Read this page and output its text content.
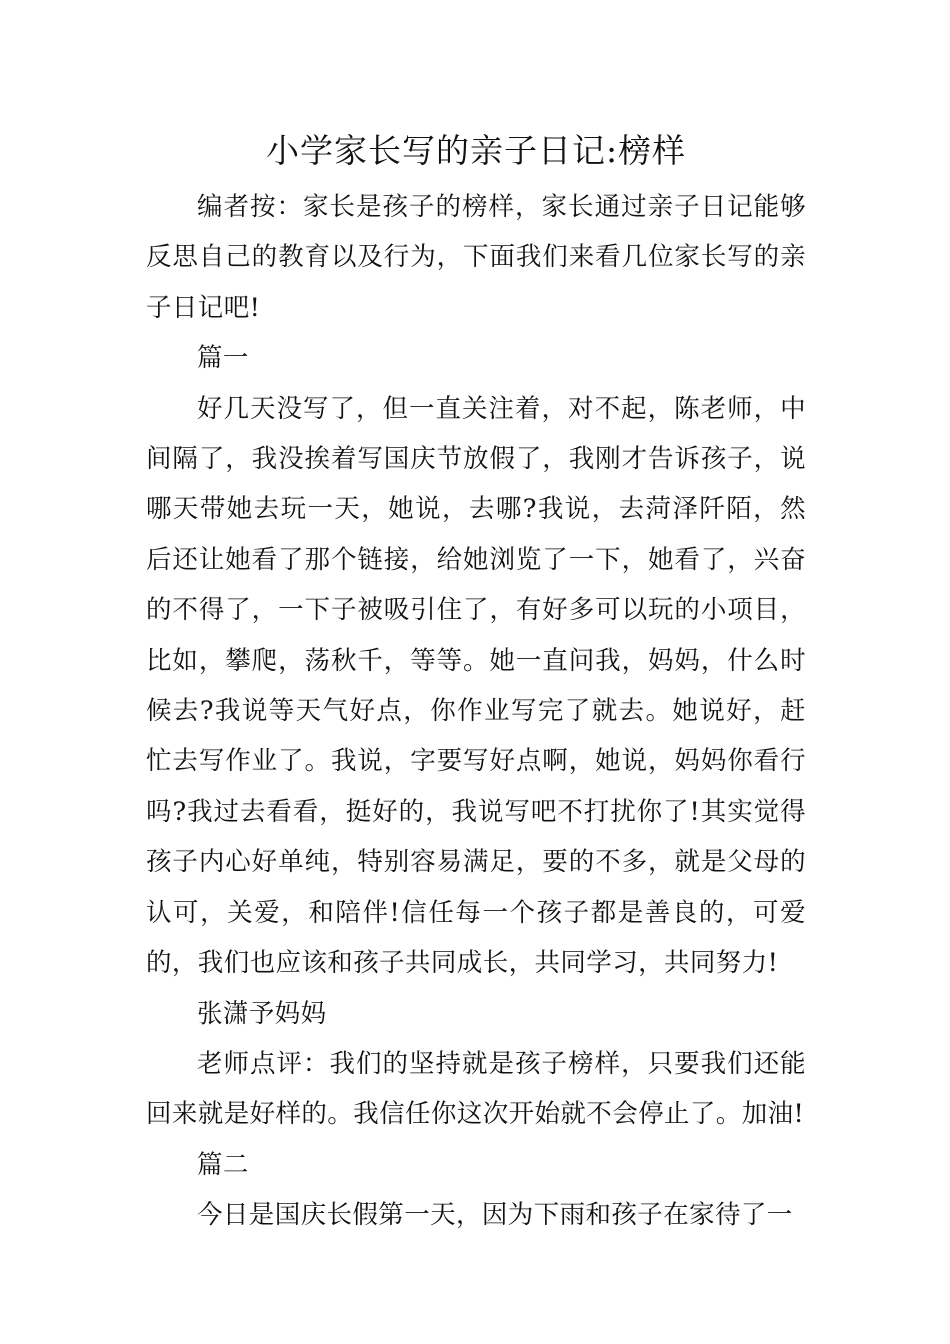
小学家长写的亲子日记:榜样

编者按：家长是孩子的榜样，家长通过亲子日记能够反思自己的教育以及行为，下面我们来看几位家长写的亲子日记吧!

篇一

好几天没写了，但一直关注着，对不起，陈老师，中间隔了，我没挨着写国庆节放假了，我刚才告诉孩子，说哪天带她去玩一天，她说，去哪?我说，去菏泽阡陌，然后还让她看了那个链接，给她浏览了一下，她看了，兴奋的不得了，一下子被吸引住了，有好多可以玩的小项目，比如，攀爬，荡秋千，等等。她一直问我，妈妈，什么时候去?我说等天气好点，你作业写完了就去。她说好，赶忙去写作业了。我说，字要写好点啊，她说，妈妈你看行吗?我过去看看，挺好的，我说写吧不打扰你了!其实觉得孩子内心好单纯，特别容易满足，要的不多，就是父母的认可，关爱，和陪伴!信任每一个孩子都是善良的，可爱的，我们也应该和孩子共同成长，共同学习，共同努力!

张潇予妈妈

老师点评：我们的坚持就是孩子榜样，只要我们还能回来就是好样的。我信任你这次开始就不会停止了。加油!

篇二

今日是国庆长假第一天，因为下雨和孩子在家待了一
